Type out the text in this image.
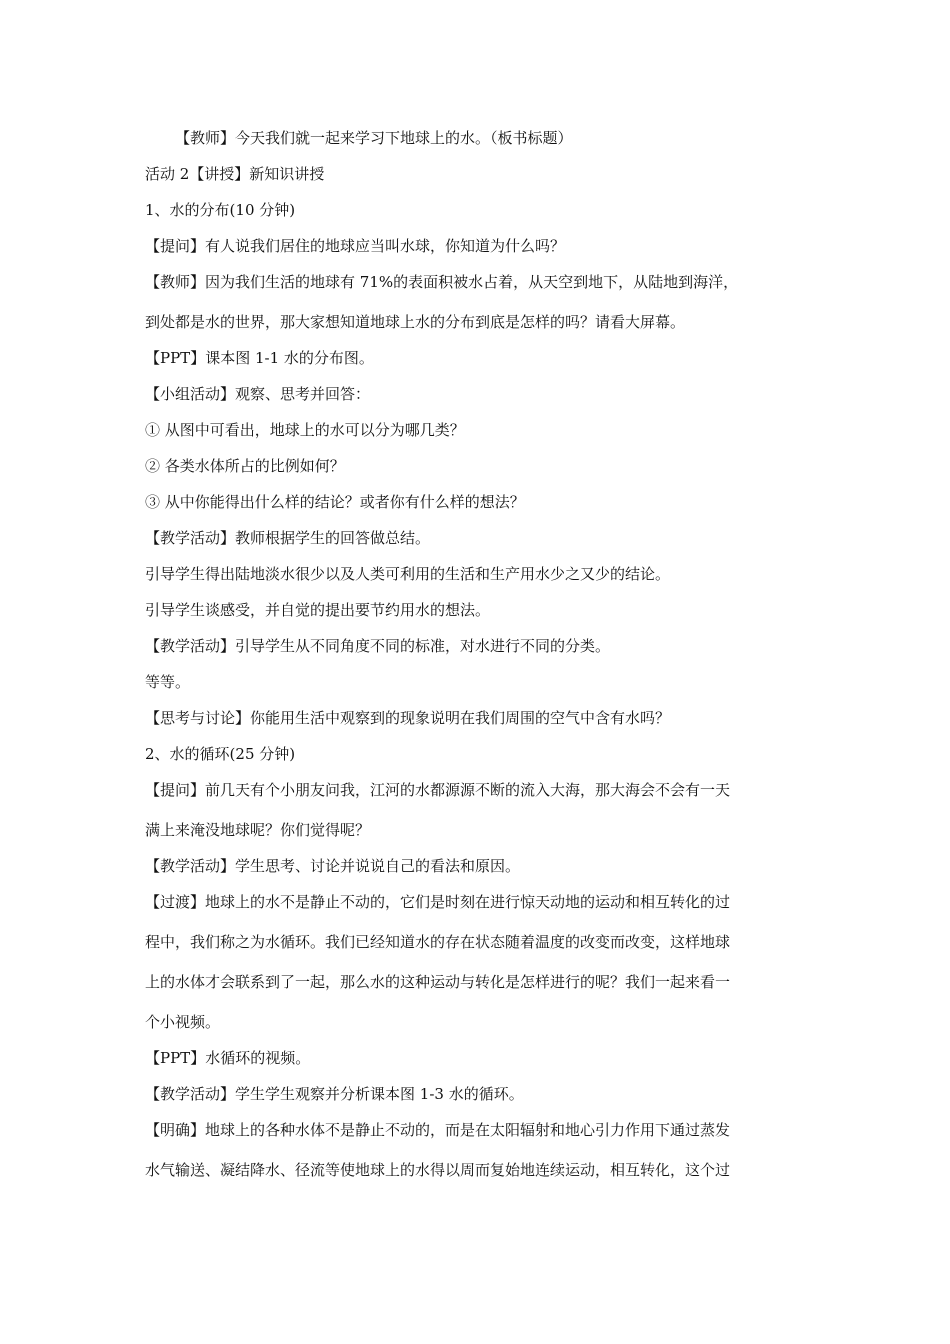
【教师】今天我们就一起来学习下地球上的水。（板书标题）
活动 2【讲授】新知识讲授
1、水的分布(10 分钟)
【提问】有人说我们居住的地球应当叫水球，你知道为什么吗？
【教师】因为我们生活的地球有 71%的表面积被水占着，从天空到地下，从陆地到海洋，
到处都是水的世界，那大家想知道地球上水的分布到底是怎样的吗？请看大屏幕。
【PPT】课本图 1-1 水的分布图。
【小组活动】观察、思考并回答：
① 从图中可看出，地球上的水可以分为哪几类？
② 各类水体所占的比例如何？
③ 从中你能得出什么样的结论？或者你有什么样的想法？
【教学活动】教师根据学生的回答做总结。
引导学生得出陆地淡水很少以及人类可利用的生活和生产用水少之又少的结论。
引导学生谈感受，并自觉的提出要节约用水的想法。
【教学活动】引导学生从不同角度不同的标准，对水进行不同的分类。
等等。
【思考与讨论】你能用生活中观察到的现象说明在我们周围的空气中含有水吗？
2、水的循环(25 分钟)
【提问】前几天有个小朋友问我，江河的水都源源不断的流入大海，那大海会不会有一天
满上来淹没地球呢？你们觉得呢？
【教学活动】学生思考、讨论并说说自己的看法和原因。
【过渡】地球上的水不是静止不动的，它们是时刻在进行惊天动地的运动和相互转化的过
程中，我们称之为水循环。我们已经知道水的存在状态随着温度的改变而改变，这样地球
上的水体才会联系到了一起，那么水的这种运动与转化是怎样进行的呢？我们一起来看一
个小视频。
【PPT】水循环的视频。
【教学活动】学生学生观察并分析课本图 1-3 水的循环。
【明确】地球上的各种水体不是静止不动的，而是在太阳辐射和地心引力作用下通过蒸发
水气输送、凝结降水、径流等使地球上的水得以周而复始地连续运动，相互转化，这个过
